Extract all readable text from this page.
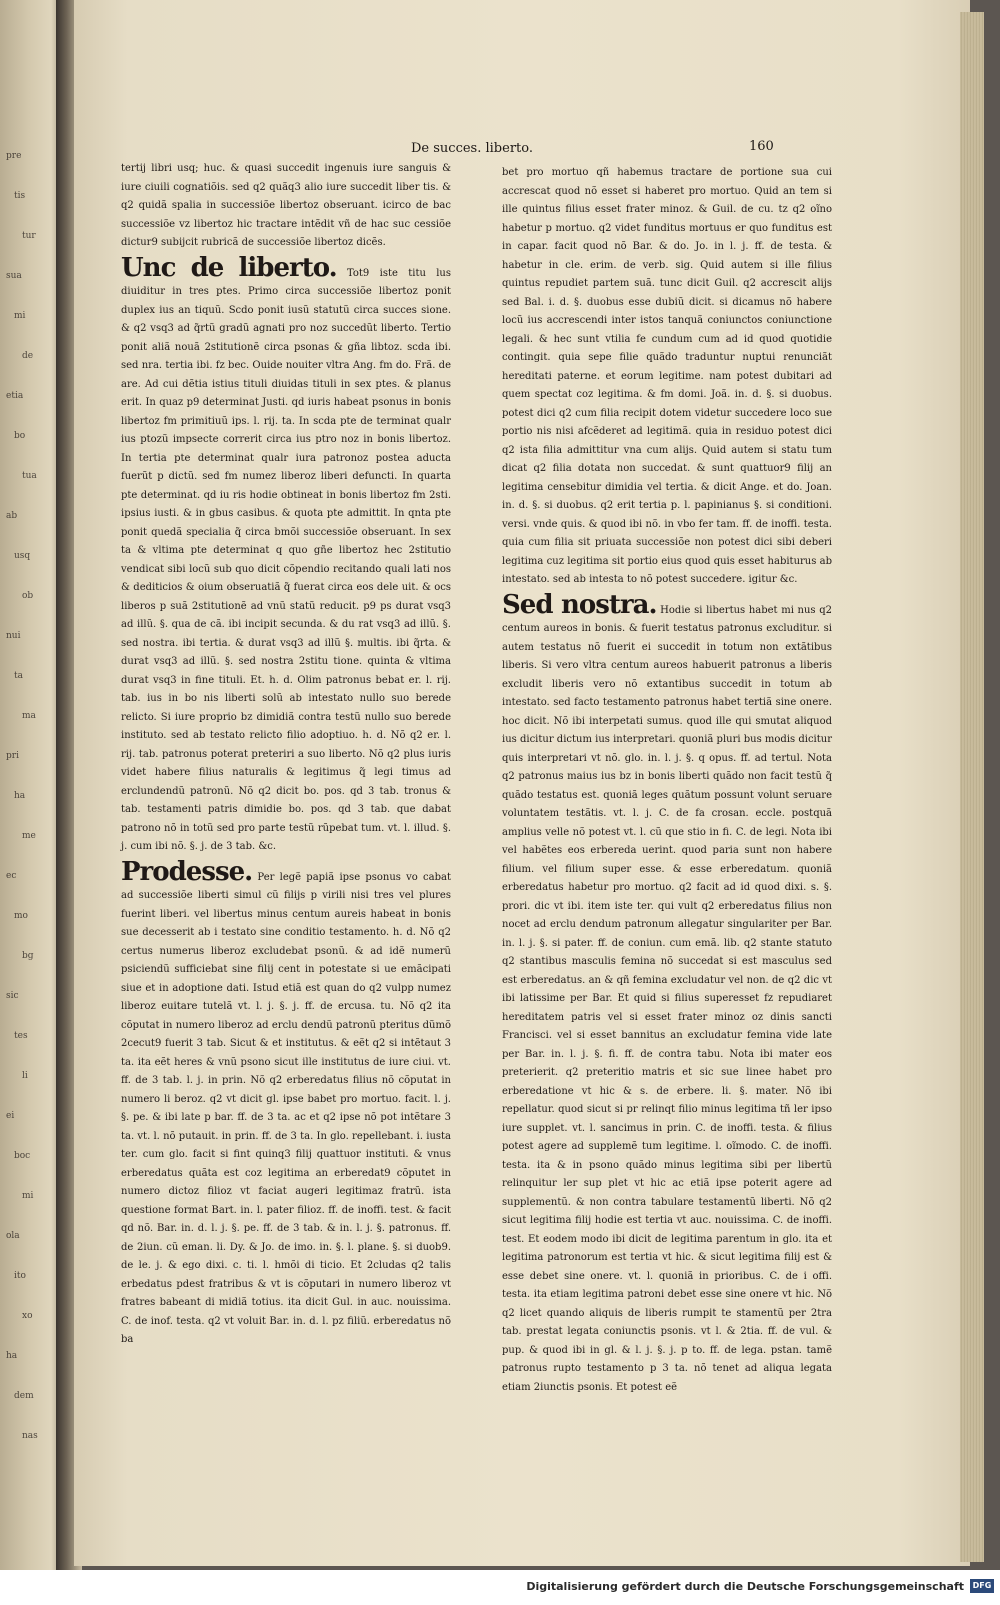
pre
tis
tur
sua
mi
de
etia
bo
tua
ab
usq
ob
nui
ta
ma
pri
ha
me
ec
mo
bg
sic
tes
li
ei
boc
mi
ola
ito
xo
ha
dem
nas
De succes. liberto.	160
tertij libri usq; huc. & quasi succedit ingenuis iure sanguis & iure ciuili cognatiõis. sed q2 quãq3 alio iure succedit liber tis. & q2 quidã spalia in successiõe libertoz obseruant. icirco de bac successiõe vz libertoz hic tractare intẽdit vñ de hac suc cessiõe dictur9 subijcit rubricã de successiõe libertoz dicẽs.
Unc de liberto. Tot9 iste titu lus diuiditur in tres ptes. Primo circa successiõe libertoz ponit duplex ius an tiquũ. Scdo ponit iusũ statutũ circa succes sione. & q2 vsq3 ad q̃rtũ gradũ agnati pro noz succedũt liberto. Tertio ponit aliã nouã 2stitutionẽ circa psonas & gña libtoz. scda ibi. sed nra. tertia ibi. fz bec. Ouide nouiter vltra Ang. fm do. Frã. de are. Ad cui dẽtia istius tituli diuidas tituli in sex ptes. & planus erit. In quaz p9 determinat Justi. qd iuris habeat psonus in bonis libertoz fm primitiuũ ips. l. rij. ta. In scda pte de terminat qualr ius ptozũ impsecte correrit circa ius ptro noz in bonis libertoz. In tertia pte determinat qualr iura patronoz postea aducta fuerũt p dictũ. sed fm numez liberoz liberi defuncti. In quarta pte determinat. qd iu ris hodie obtineat in bonis libertoz fm 2sti. ipsius iusti. & in gbus casibus. & quota pte admittit. In qnta pte ponit quedã specialia q̃ circa bmõi successiõe obseruant. In sex ta & vltima pte determinat q quo gñe libertoz hec 2stitutio vendicat sibi locũ sub quo dicit cõpendio recitando quali lati nos & dediticios & oium obseruatiã q̃ fuerat circa eos dele uit. & ocs liberos p suã 2stitutionẽ ad vnũ statũ reducit. p9 ps durat vsq3 ad illũ. §. qua de cã. ibi incipit secunda. & du rat vsq3 ad illũ. §. sed nostra. ibi tertia. & durat vsq3 ad illũ §. multis. ibi q̃rta. & durat vsq3 ad illũ. §. sed nostra 2stitu tione. quinta & vltima durat vsq3 in fine tituli. Et. h. d. Olim patronus bebat er. l. rij. tab. ius in bo nis liberti solũ ab intestato nullo suo berede relicto. Si iure proprio bz dimidiã contra testũ nullo suo berede instituto. sed ab testato relicto filio adoptiuo. h. d. Nõ q2 er. l. rij. tab. patronus poterat preteriri a suo liberto. Nõ q2 plus iuris videt habere filius naturalis & legitimus q̃ legi timus ad erclundendũ patronũ. Nõ q2 dicit bo. pos. qd 3 tab. tronus & tab. testamenti patris dimidie bo. pos. qd 3 tab. que dabat patrono nõ in totũ sed pro parte testũ rũpebat tum. vt. l. illud. §. j. cum ibi nõ. §. j. de 3 tab. &c.
Prodesse. Per legẽ papiã ipse psonus vo cabat ad successiõe liberti simul cũ filijs p virili nisi tres vel plures fuerint liberi. vel libertus minus centum aureis habeat in bonis sue decesserit ab i testato sine conditio testamento. h. d. Nõ q2 certus numerus liberoz excludebat psonũ. & ad idẽ numerũ psiciendũ sufficiebat sine filij cent in potestate si ue emãcipati siue et in adoptione dati. Istud etiã est quan do q2 vulpp numez liberoz euitare tutelã vt. l. j. §. j. ff. de ercusa. tu. Nõ q2 ita cõputat in numero liberoz ad erclu dendũ patronũ pteritus dũmõ 2cecut9 fuerit 3 tab. Sicut & et institutus. & eẽt q2 si intẽtaut 3 ta. ita eẽt heres & vnũ psono sicut ille institutus de iure ciui. vt. ff. de 3 tab. l. j. in prin. Nõ q2 erberedatus filius nõ cõputat in numero li beroz. q2 vt dicit gl. ipse babet pro mortuo. facit. l. j. §. pe. & ibi late p bar. ff. de 3 ta. ac et q2 ipse nõ pot intẽtare 3 ta. vt. l. nõ putauit. in prin. ff. de 3 ta. In glo. repellebant. i. iusta ter. cum glo. facit si fint quinq3 filij quattuor instituti. & vnus erberedatus quãta est coz legitima an erberedat9 cõputet in numero dictoz filioz vt faciat augeri legitimaz fratrũ. ista questione format Bart. in. l. pater filioz. ff. de inoffi. test. & facit qd nõ. Bar. in. d. l. j. §. pe. ff. de 3 tab. & in. l. j. §. patronus. ff. de 2iun. cũ eman. li. Dy. & Jo. de imo. in. §. l. plane. §. si duob9. de le. j. & ego dixi. c. ti. l. hmõi di ticio. Et 2cludas q2 talis erbedatus pdest fratribus & vt is cõputari in numero liberoz vt fratres babeant di midiã totius. ita dicit Gul. in auc. nouissima. C. de inof. testa. q2 vt voluit Bar. in. d. l. pz filiũ. erberedatus nõ ba
bet pro mortuo qñ habemus tractare de portione sua cui accrescat quod nõ esset si haberet pro mortuo. Quid an tem si ille quintus filius esset frater minoz. & Guil. de cu. tz q2 oĩno habetur p mortuo. q2 videt funditus mortuus er quo funditus est in capar. facit quod nõ Bar. & do. Jo. in l. j. ff. de testa. & habetur in cle. erim. de verb. sig. Quid autem si ille filius quintus repudiet partem suã. tunc dicit Guil. q2 accrescit alijs sed Bal. i. d. §. duobus esse dubiũ dicit. si dicamus nõ habere locũ ius accrescendi inter istos tanquã coniunctos coniunctione legali. & hec sunt vtilia fe cundum cum ad id quod quotidie contingit. quia sepe filie quãdo traduntur nuptui renunciãt hereditati paterne. et eorum legitime. nam potest dubitari ad quem spectat coz legitima. & fm domi. Joã. in. d. §. si duobus. potest dici q2 cum filia recipit dotem videtur succedere loco sue portio nis nisi afcẽderet ad legitimã. quia in residuo potest dici q2 ista filia admittitur vna cum alijs. Quid autem si statu tum dicat q2 filia dotata non succedat. & sunt quattuor9 filij an legitima censebitur dimidia vel tertia. & dicit Ange. et do. Joan. in. d. §. si duobus. q2 erit tertia p. l. papinianus §. si conditioni. versi. vnde quis. & quod ibi nõ. in vbo fer tam. ff. de inoffi. testa. quia cum filia sit priuata successiõe non potest dici sibi deberi legitima cuz legitima sit portio eius quod quis esset habiturus ab intestato. sed ab intesta to nõ potest succedere. igitur &c.
Sed nostra. Hodie si libertus habet mi nus q2 centum aureos in bonis. & fuerit testatus patronus excluditur. si autem testatus nõ fuerit ei succedit in totum non extãtibus liberis. Si vero vltra centum aureos habuerit patronus a liberis excludit liberis vero nõ extantibus succedit in totum ab intestato. sed facto testamento patronus habet tertiã sine onere. hoc dicit. Nõ ibi interpetati sumus. quod ille qui smutat aliquod ius dicitur dictum ius interpretari. quoniã pluri bus modis dicitur quis interpretari vt nõ. glo. in. l. j. §. q opus. ff. ad tertul. Nota q2 patronus maius ius bz in bonis liberti quãdo non facit testũ q̃ quãdo testatus est. quoniã leges quãtum possunt volunt seruare voluntatem testãtis. vt. l. j. C. de fa crosan. eccle. postquã amplius velle nõ potest vt. l. cũ que stio in fi. C. de legi. Nota ibi vel habẽtes eos erbereda uerint. quod paria sunt non habere filium. vel filium super esse. & esse erberedatum. quoniã erberedatus habetur pro mortuo. q2 facit ad id quod dixi. s. §. prori. dic vt ibi. item iste ter. qui vult q2 erberedatus filius non nocet ad erclu dendum patronum allegatur singulariter per Bar. in. l. j. §. si pater. ff. de coniun. cum emã. lib. q2 stante statuto q2 stantibus masculis femina nõ succedat si est masculus sed est erberedatus. an & qñ femina excludatur vel non. de q2 dic vt ibi latissime per Bar. Et quid si filius superesset fz repudiaret hereditatem patris vel si esset frater minoz oz dinis sancti Francisci. vel si esset bannitus an excludatur femina vide late per Bar. in. l. j. §. fi. ff. de contra tabu. Nota ibi mater eos preterierit. q2 preteritio matris et sic sue linee habet pro erberedatione vt hic & s. de erbere. li. §. mater. Nõ ibi repellatur. quod sicut si pr relinqt filio minus legitima tñ ler ipso iure supplet. vt. l. sancimus in prin. C. de inoffi. testa. & filius potest agere ad supplemẽ tum legitime. l. oĩmodo. C. de inoffi. testa. ita & in psono quãdo minus legitima sibi per libertũ relinquitur ler sup plet vt hic ac etiã ipse poterit agere ad supplementũ. & non contra tabulare testamentũ liberti. Nõ q2 sicut legitima filij hodie est tertia vt auc. nouissima. C. de inoffi. test. Et eodem modo ibi dicit de legitima parentum in glo. ita et legitima patronorum est tertia vt hic. & sicut legitima filij est & esse debet sine onere. vt. l. quoniã in prioribus. C. de i offi. testa. ita etiam legitima patroni debet esse sine onere vt hic. Nõ q2 licet quando aliquis de liberis rumpit te stamentũ per 2tra tab. prestat legata coniunctis psonis. vt l. & 2tia. ff. de vul. & pup. & quod ibi in gl. & l. j. §. j. p to. ff. de lega. pstan. tamẽ patronus rupto testamento p 3 ta. nõ tenet ad aliqua legata etiam 2iunctis psonis. Et potest eẽ
Digitalisierung gefördert durch die Deutsche Forschungsgemeinschaft	DFG
